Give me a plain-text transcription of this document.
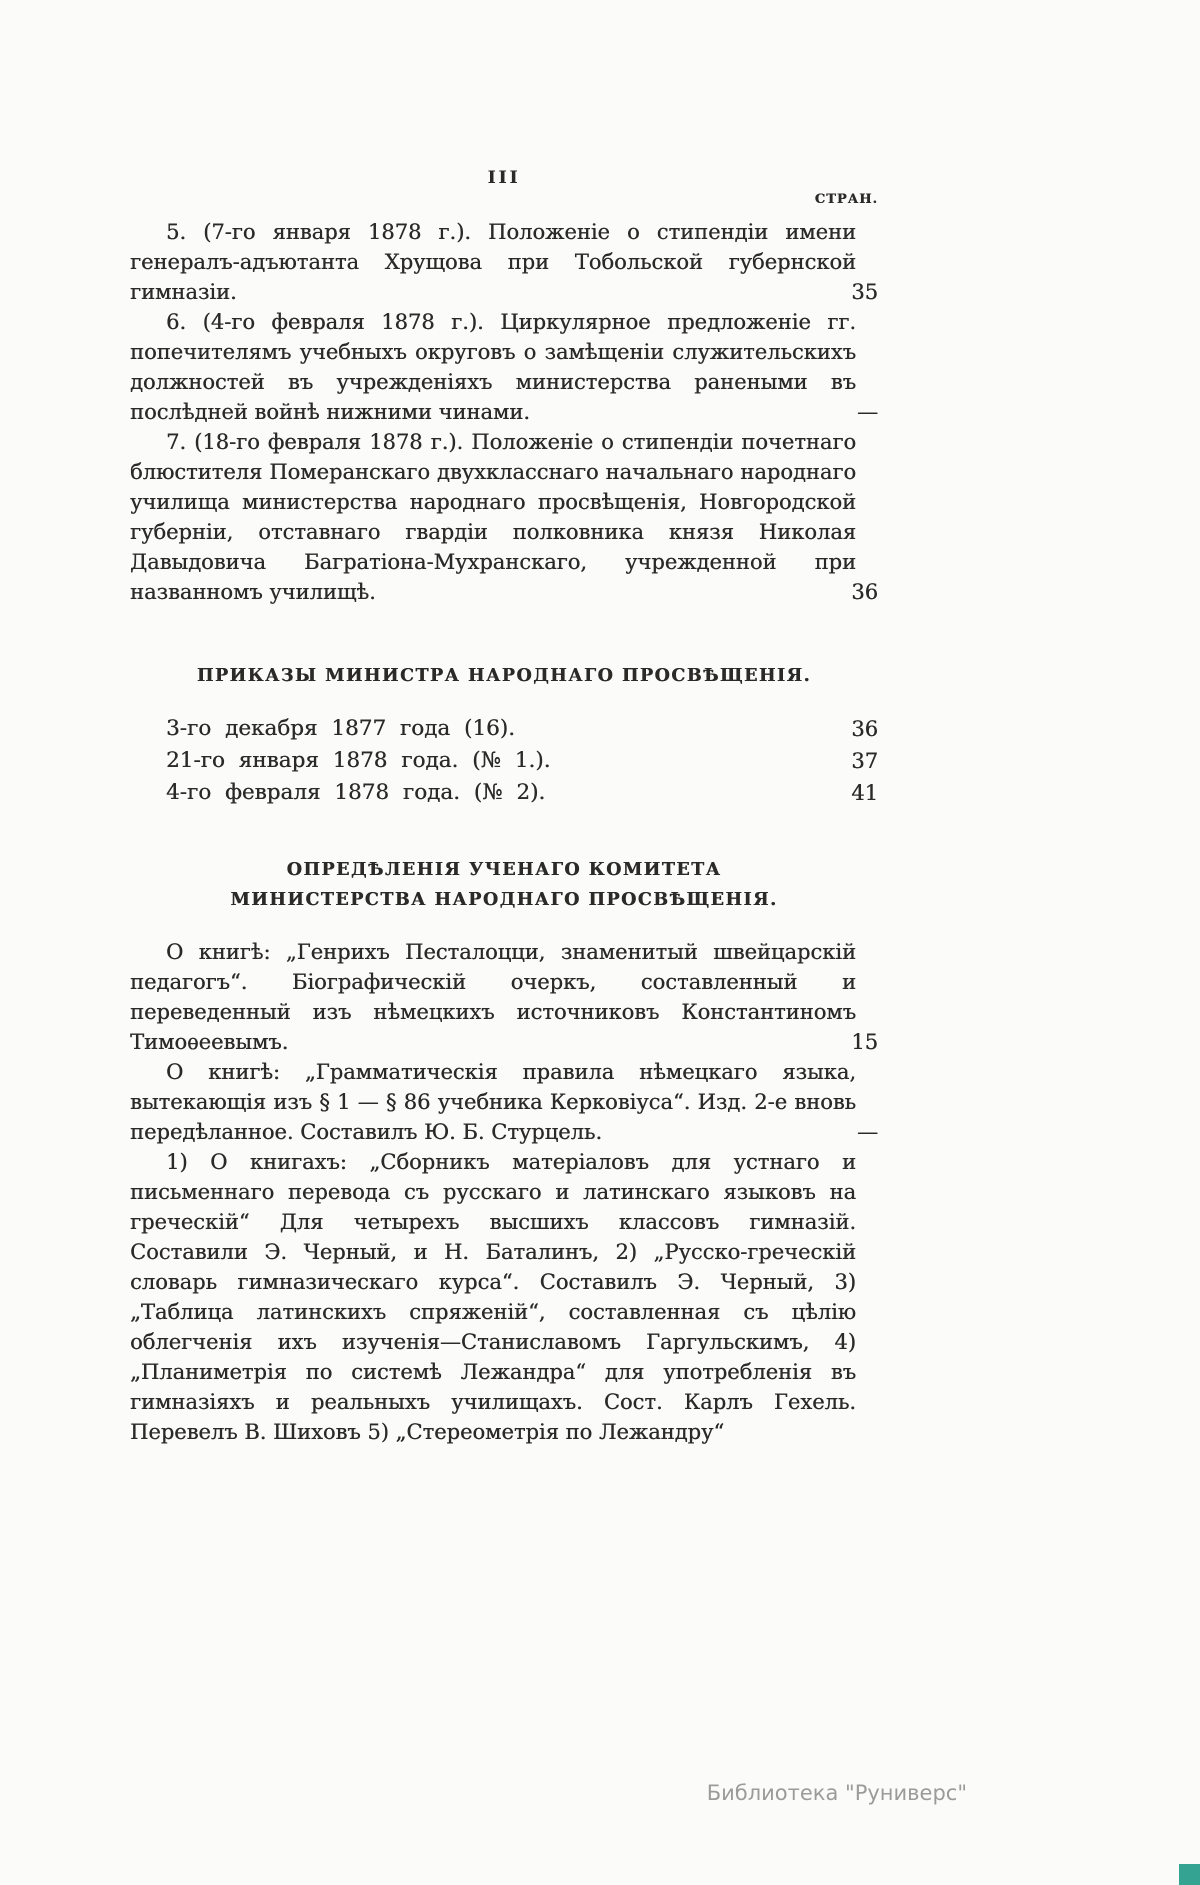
III
СТРАН.
5. (7-го января 1878 г.). Положеніе о стипендіи имени генералъ-адъютанта Хрущова при Тобольской губернской гимназіи.	35
6. (4-го февраля 1878 г.). Циркулярное предложеніе гг. попечителямъ учебныхъ округовъ о замѣщеніи служительскихъ должностей въ учрежденіяхъ министерства ранеными въ послѣдней войнѣ нижними чинами.	—
7. (18-го февраля 1878 г.). Положеніе о стипендіи почетнаго блюстителя Померанскаго двухкласснаго начальнаго народнаго училища министерства народнаго просвѣщенія, Новгородской губерніи, отставнаго гвардіи полковника князя Николая Давыдовича Багратіона-Мухранскаго, учрежденной при названномъ училищѣ.	36
ПРИКАЗЫ МИНИСТРА НАРОДНАГО ПРОСВѢЩЕНІЯ.
3-го декабря 1877 года (16).	36
21-го января 1878 года. (№ 1.).	37
4-го февраля 1878 года. (№ 2).	41
ОПРЕДѢЛЕНІЯ УЧЕНАГО КОМИТЕТА МИНИСТЕРСТВА НАРОДНАГО ПРОСВѢЩЕНІЯ.
О книгѣ: „Генрихъ Песталоцци, знаменитый швейцарскій педагогъ“. Біографическій очеркъ, составленный и переведенный изъ нѣмецкихъ источниковъ Константиномъ Тимоѳеевымъ.	15
О книгѣ: „Грамматическія правила нѣмецкаго языка, вытекающія изъ § 1 — § 86 учебника Керковіуса“. Изд. 2-е вновь передѣланное. Составилъ Ю. Б. Стурцель.	—
1) О книгахъ: „Сборникъ матеріаловъ для устнаго и письменнаго перевода съ русскаго и латинскаго языковъ на греческій“ Для четырехъ высшихъ классовъ гимназій. Составили Э. Черный, и Н. Баталинъ, 2) „Русско-греческій словарь гимназическаго курса“. Составилъ Э. Черный, 3) „Таблица латинскихъ спряженій“, составленная съ цѣлію облегченія ихъ изученія—Станиславомъ Гаргульскимъ, 4) „Планиметрія по системѣ Лежандра“ для употребленія въ гимназіяхъ и реальныхъ училищахъ. Сост. Карлъ Гехель. Перевелъ В. Шиховъ 5) „Стереометрія по Лежандру“
Библиотека "Руниверс"
